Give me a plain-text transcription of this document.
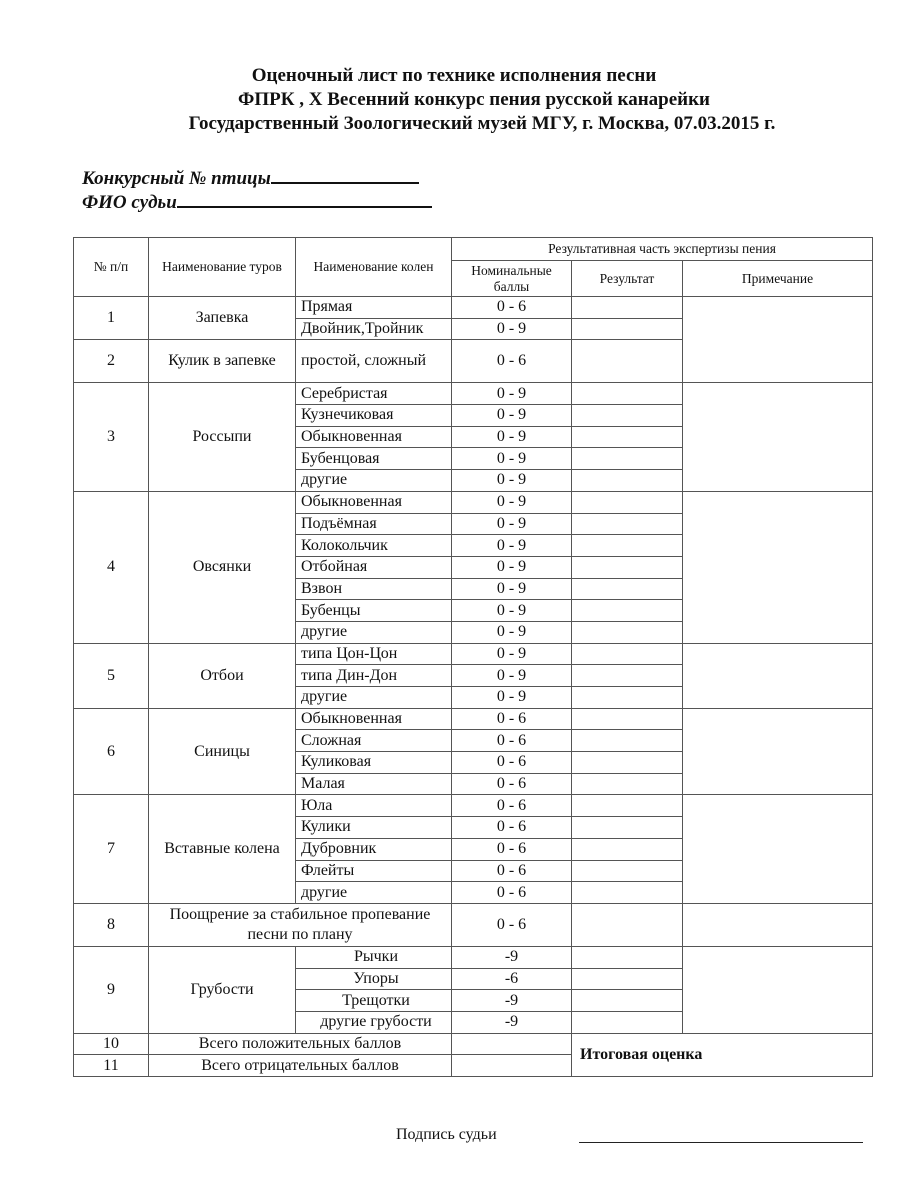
Оценочный лист по технике исполнения песни
ФПРК , X Весенний конкурс пения русской канарейки
Государственный Зоологический музей МГУ, г. Москва, 07.03.2015 г.
Конкурсный № птицы
ФИО судьи
№ п/п	Наименование туров	Наименование колен	Результативная часть экспертизы пения		
			Номинальные баллы	Результат	Примечание
1	Запевка	Прямая	0 - 6		
		Двойник,Тройник	0 - 9		
2	Кулик в запевке	простой, сложный	0 - 6		
3	Россыпи	Серебристая	0 - 9		
		Кузнечиковая	0 - 9		
		Обыкновенная	0 - 9		
		Бубенцовая	0 - 9		
		другие	0 - 9		
4	Овсянки	Обыкновенная	0 - 9		
		Подъёмная	0 - 9		
		Колокольчик	0 - 9		
		Отбойная	0 - 9		
		Взвон	0 - 9		
		Бубенцы	0 - 9		
		другие	0 - 9		
5	Отбои	типа Цон-Цон	0 - 9		
		типа Дин-Дон	0 - 9		
		другие	0 - 9		
6	Синицы	Обыкновенная	0 - 6		
		Сложная	0 - 6		
		Куликовая	0 - 6		
		Малая	0 - 6		
7	Вставные колена	Юла	0 - 6		
		Кулики	0 - 6		
		Дубровник	0 - 6		
		Флейты	0 - 6		
		другие	0 - 6		
8	Поощрение за стабильное пропевание песни по плану		0 - 6		
9	Грубости	Рычки	-9		
		Упоры	-6		
		Трещотки	-9		
		другие грубости	-9		
10	Всего положительных баллов			Итоговая оценка	
11	Всего отрицательных баллов				
Подпись судьи
